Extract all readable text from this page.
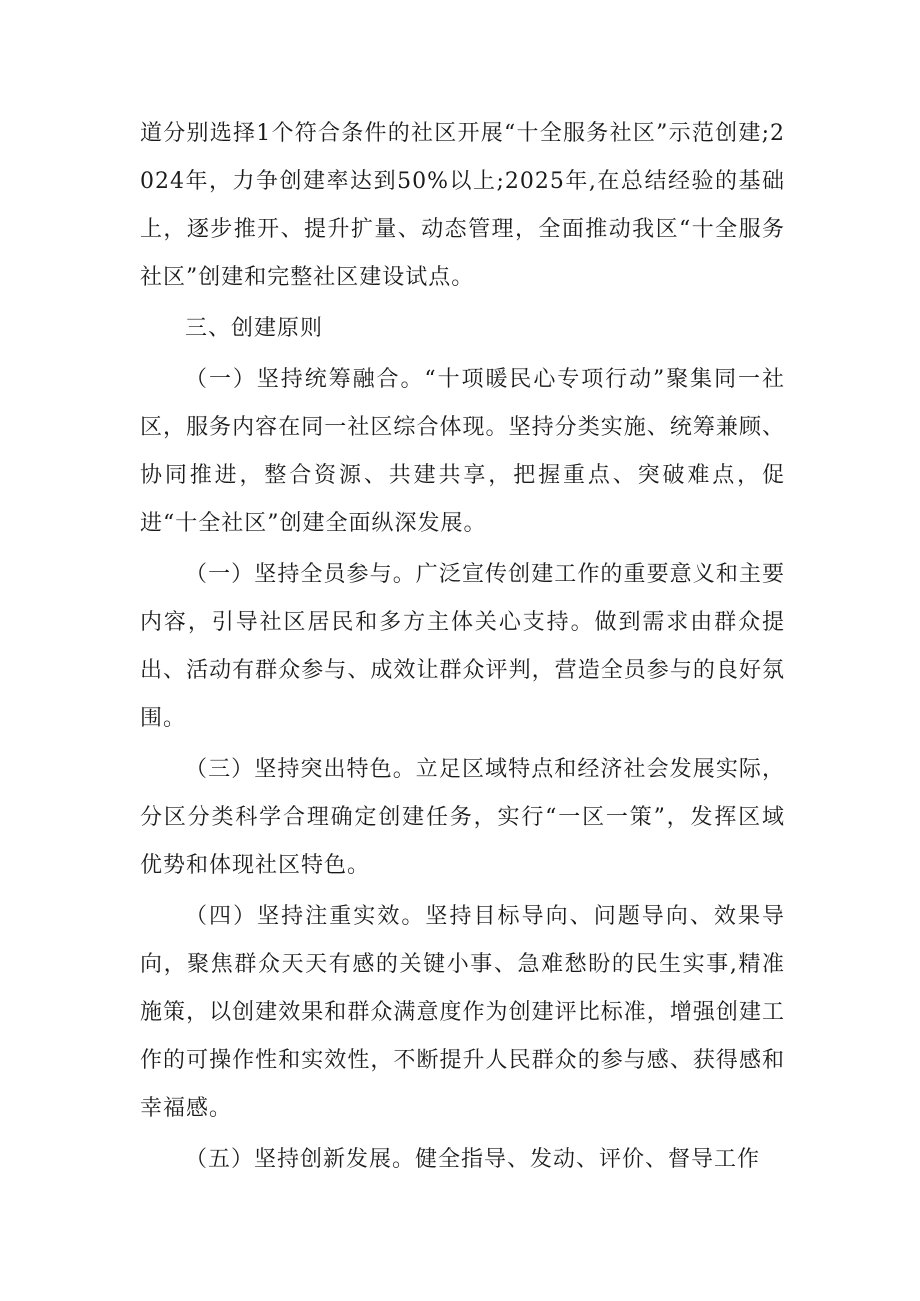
道分别选择1个符合条件的社区开展“十全服务社区”示范创建;2024年，力争创建率达到50%以上;2025年,在总结经验的基础上，逐步推开、提升扩量、动态管理，全面推动我区“十全服务社区”创建和完整社区建设试点。

三、创建原则

（一）坚持统筹融合。“十项暖民心专项行动”聚集同一社区，服务内容在同一社区综合体现。坚持分类实施、统筹兼顾、协同推进，整合资源、共建共享，把握重点、突破难点，促进“十全社区”创建全面纵深发展。

（一）坚持全员参与。广泛宣传创建工作的重要意义和主要内容，引导社区居民和多方主体关心支持。做到需求由群众提出、活动有群众参与、成效让群众评判，营造全员参与的良好氛围。

（三）坚持突出特色。立足区域特点和经济社会发展实际，分区分类科学合理确定创建任务，实行“一区一策”，发挥区域优势和体现社区特色。

（四）坚持注重实效。坚持目标导向、问题导向、效果导向，聚焦群众天天有感的关键小事、急难愁盼的民生实事,精准施策，以创建效果和群众满意度作为创建评比标准，增强创建工作的可操作性和实效性，不断提升人民群众的参与感、获得感和幸福感。

（五）坚持创新发展。健全指导、发动、评价、督导工作
